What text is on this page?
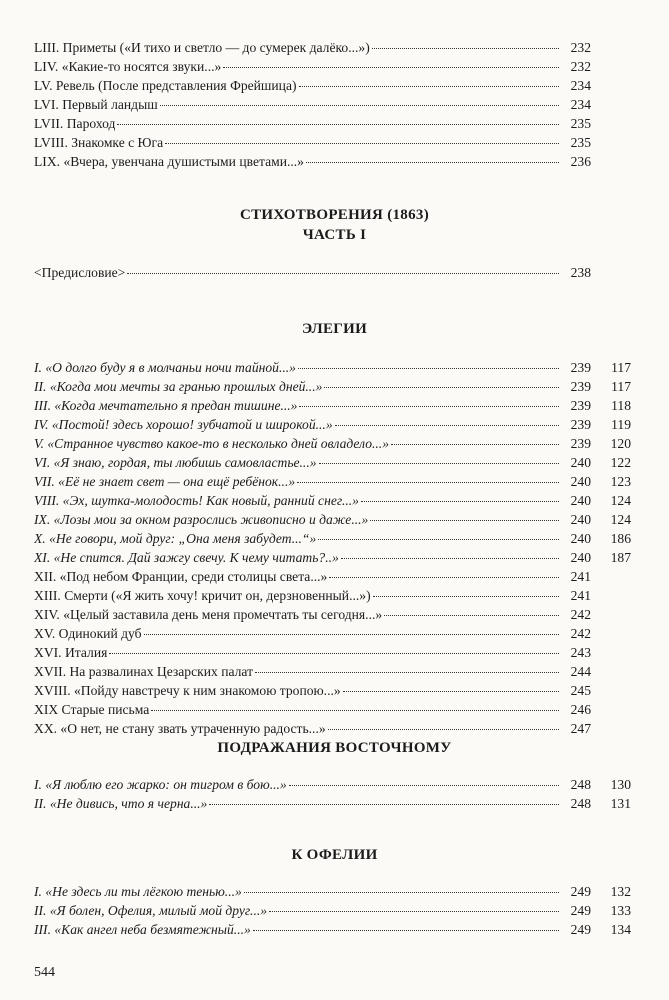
LIII. Приметы («И тихо и светло — до сумерек далёко...»)	232
LIV. «Какие-то носятся звуки...»	232
LV. Ревель (После представления Фрейшица)	234
LVI. Первый ландыш	234
LVII. Пароход	235
LVIII. Знакомке с Юга	235
LIX. «Вчера, увенчана душистыми цветами...»	236
СТИХОТВОРЕНИЯ (1863)
ЧАСТЬ I
<Предисловие>	238
ЭЛЕГИИ
I. «О долго буду я в молчаньи ночи тайной...»	239	117
II. «Когда мои мечты за гранью прошлых дней...»	239	117
III. «Когда мечтательно я предан тишине...»	239	118
IV. «Постой! здесь хорошо! зубчатой и широкой...»	239	119
V. «Странное чувство какое-то в несколько дней овладело...»	239	120
VI. «Я знаю, гордая, ты любишь самовластье...»	240	122
VII. «Её не знает свет — она ещё ребёнок...»	240	123
VIII. «Эх, шутка-молодость! Как новый, ранний снег...»	240	124
IX. «Лозы мои за окном разрослись живописно и даже...»	240	124
X. «Не говори, мой друг: „Она меня забудет...“»	240	186
XI. «Не спится. Дай зажгу свечу. К чему читать?..»	240	187
XII. «Под небом Франции, среди столицы света...»	241
XIII. Смерти («Я жить хочу! кричит он, дерзновенный...»)	241
XIV. «Целый заставила день меня промечтать ты сегодня...»	242
XV. Одинокий дуб	242
XVI. Италия	243
XVII. На развалинах Цезарских палат	244
XVIII. «Пойду навстречу к ним знакомою тропою...»	245
XIX Старые письма	246
XX. «О нет, не стану звать утраченную радость...»	247
ПОДРАЖАНИЯ ВОСТОЧНОМУ
I. «Я люблю его жарко: он тигром в бою...»	248	130
II. «Не дивись, что я черна...»	248	131
К ОФЕЛИИ
I. «Не здесь ли ты лёгкою тенью...»	249	132
II. «Я болен, Офелия, милый мой друг...»	249	133
III. «Как ангел неба безмятежный...»	249	134
544
